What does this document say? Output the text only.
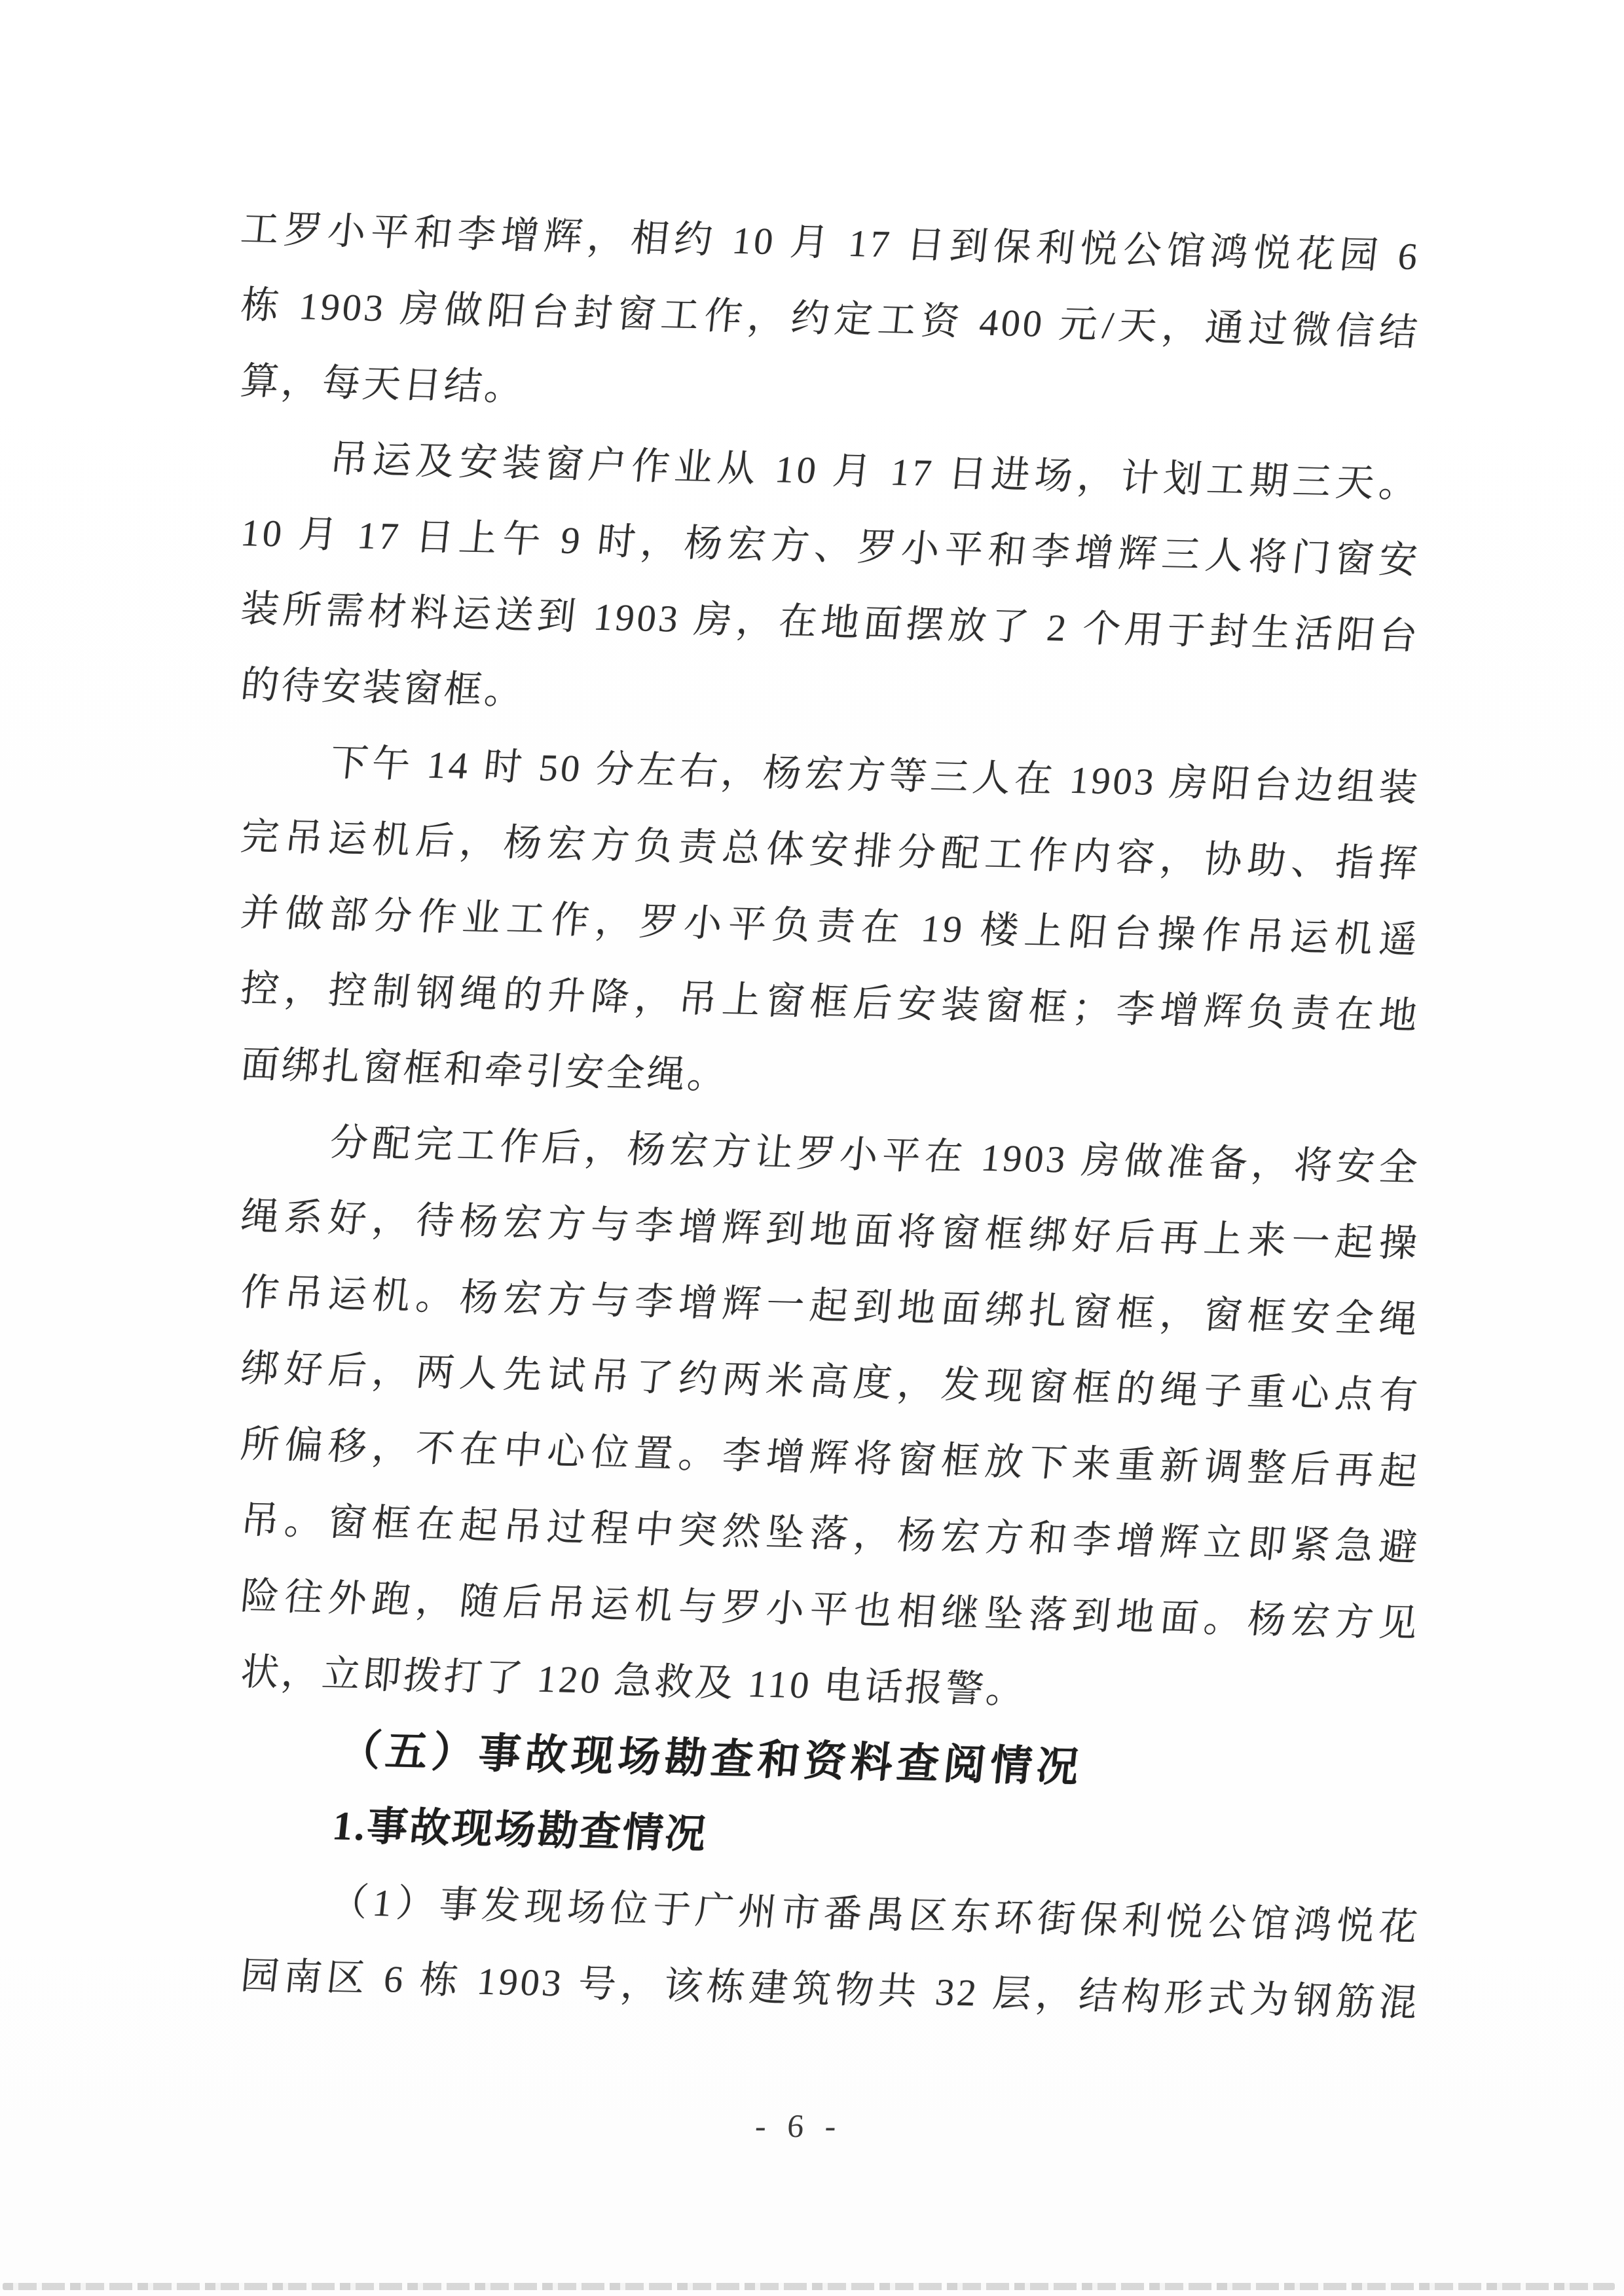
工罗小平和李增辉，相约 10 月 17 日到保利悦公馆鸿悦花园 6
栋 1903 房做阳台封窗工作，约定工资 400 元/天，通过微信结
算，每天日结。
吊运及安装窗户作业从 10 月 17 日进场，计划工期三天。
10 月 17 日上午 9 时，杨宏方、罗小平和李增辉三人将门窗安
装所需材料运送到 1903 房，在地面摆放了 2 个用于封生活阳台
的待安装窗框。
下午 14 时 50 分左右，杨宏方等三人在 1903 房阳台边组装
完吊运机后，杨宏方负责总体安排分配工作内容，协助、指挥
并做部分作业工作，罗小平负责在 19 楼上阳台操作吊运机遥
控，控制钢绳的升降，吊上窗框后安装窗框；李增辉负责在地
面绑扎窗框和牵引安全绳。
分配完工作后，杨宏方让罗小平在 1903 房做准备，将安全
绳系好，待杨宏方与李增辉到地面将窗框绑好后再上来一起操
作吊运机。杨宏方与李增辉一起到地面绑扎窗框，窗框安全绳
绑好后，两人先试吊了约两米高度，发现窗框的绳子重心点有
所偏移，不在中心位置。李增辉将窗框放下来重新调整后再起
吊。窗框在起吊过程中突然坠落，杨宏方和李增辉立即紧急避
险往外跑，随后吊运机与罗小平也相继坠落到地面。杨宏方见
状，立即拨打了 120 急救及 110 电话报警。
（五）事故现场勘查和资料查阅情况
1.事故现场勘查情况
（1）事发现场位于广州市番禺区东环街保利悦公馆鸿悦花
园南区 6 栋 1903 号，该栋建筑物共 32 层，结构形式为钢筋混
- 6 -
